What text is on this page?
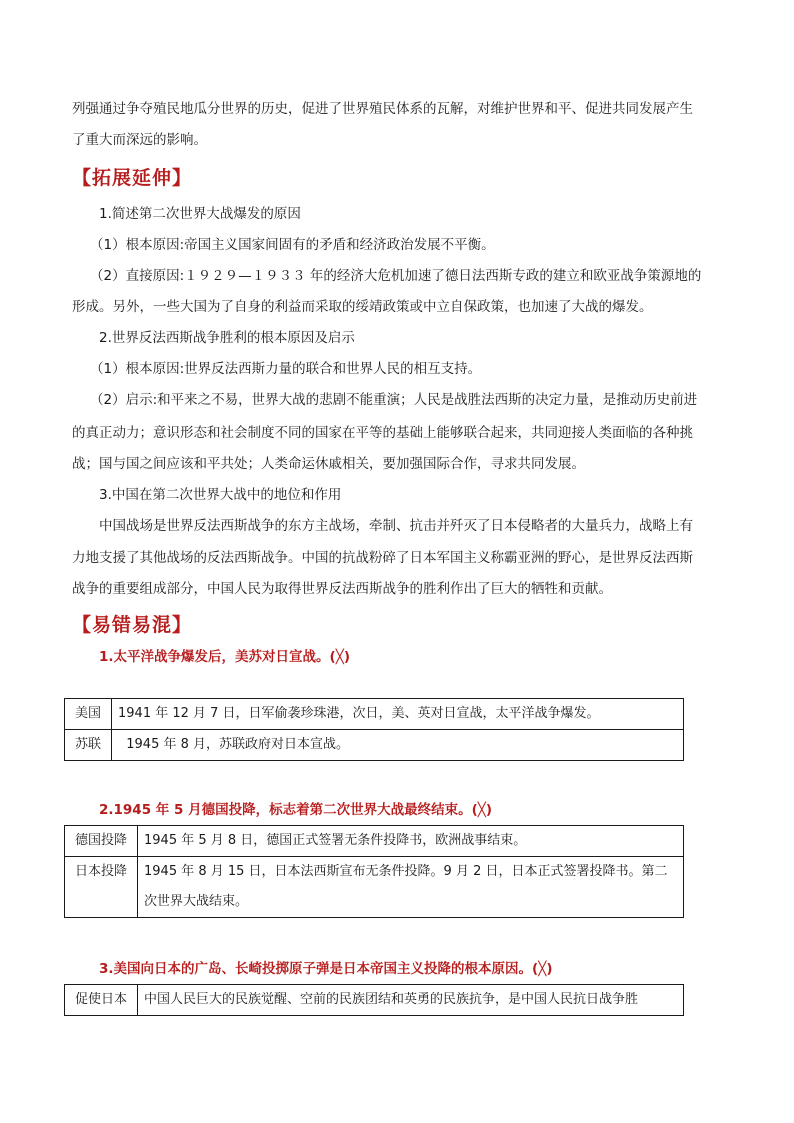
列强通过争夺殖民地瓜分世界的历史，促进了世界殖民体系的瓦解，对维护世界和平、促进共同发展产生

了重大而深远的影响。

【拓展延伸】

1.简述第二次世界大战爆发的原因

（1）根本原因:帝国主义国家间固有的矛盾和经济政治发展不平衡。

（2）直接原因:１９２９—１９３３ 年的经济大危机加速了德日法西斯专政的建立和欧亚战争策源地的

形成。另外，一些大国为了自身的利益而采取的绥靖政策或中立自保政策，也加速了大战的爆发。

2.世界反法西斯战争胜利的根本原因及启示

（1）根本原因:世界反法西斯力量的联合和世界人民的相互支持。

（2）启示:和平来之不易，世界大战的悲剧不能重演；人民是战胜法西斯的决定力量，是推动历史前进

的真正动力；意识形态和社会制度不同的国家在平等的基础上能够联合起来，共同迎接人类面临的各种挑

战；国与国之间应该和平共处；人类命运休戚相关，要加强国际合作，寻求共同发展。

3.中国在第二次世界大战中的地位和作用

中国战场是世界反法西斯战争的东方主战场，牵制、抗击并歼灭了日本侵略者的大量兵力，战略上有

力地支援了其他战场的反法西斯战争。中国的抗战粉碎了日本军国主义称霸亚洲的野心，是世界反法西斯

战争的重要组成部分，中国人民为取得世界反法西斯战争的胜利作出了巨大的牺牲和贡献。

【易错易混】
1.太平洋战争爆发后，美苏对日宣战。(╳)
美国	1941 年 12 月 7 日，日军偷袭珍珠港，次日，美、英对日宣战，太平洋战争爆发。
苏联	1945 年 8 月，苏联政府对日本宣战。
2.1945 年 5 月德国投降，标志着第二次世界大战最终结束。(╳)
德国投降	1945 年 5 月 8 日，德国正式签署无条件投降书，欧洲战事结束。
日本投降	1945 年 8 月 15 日，日本法西斯宣布无条件投降。9 月 2 日，日本正式签署投降书。第二次世界大战结束。
3.美国向日本的广岛、长崎投掷原子弹是日本帝国主义投降的根本原因。(╳)
促使日本	中国人民巨大的民族觉醒、空前的民族团结和英勇的民族抗争，是中国人民抗日战争胜
